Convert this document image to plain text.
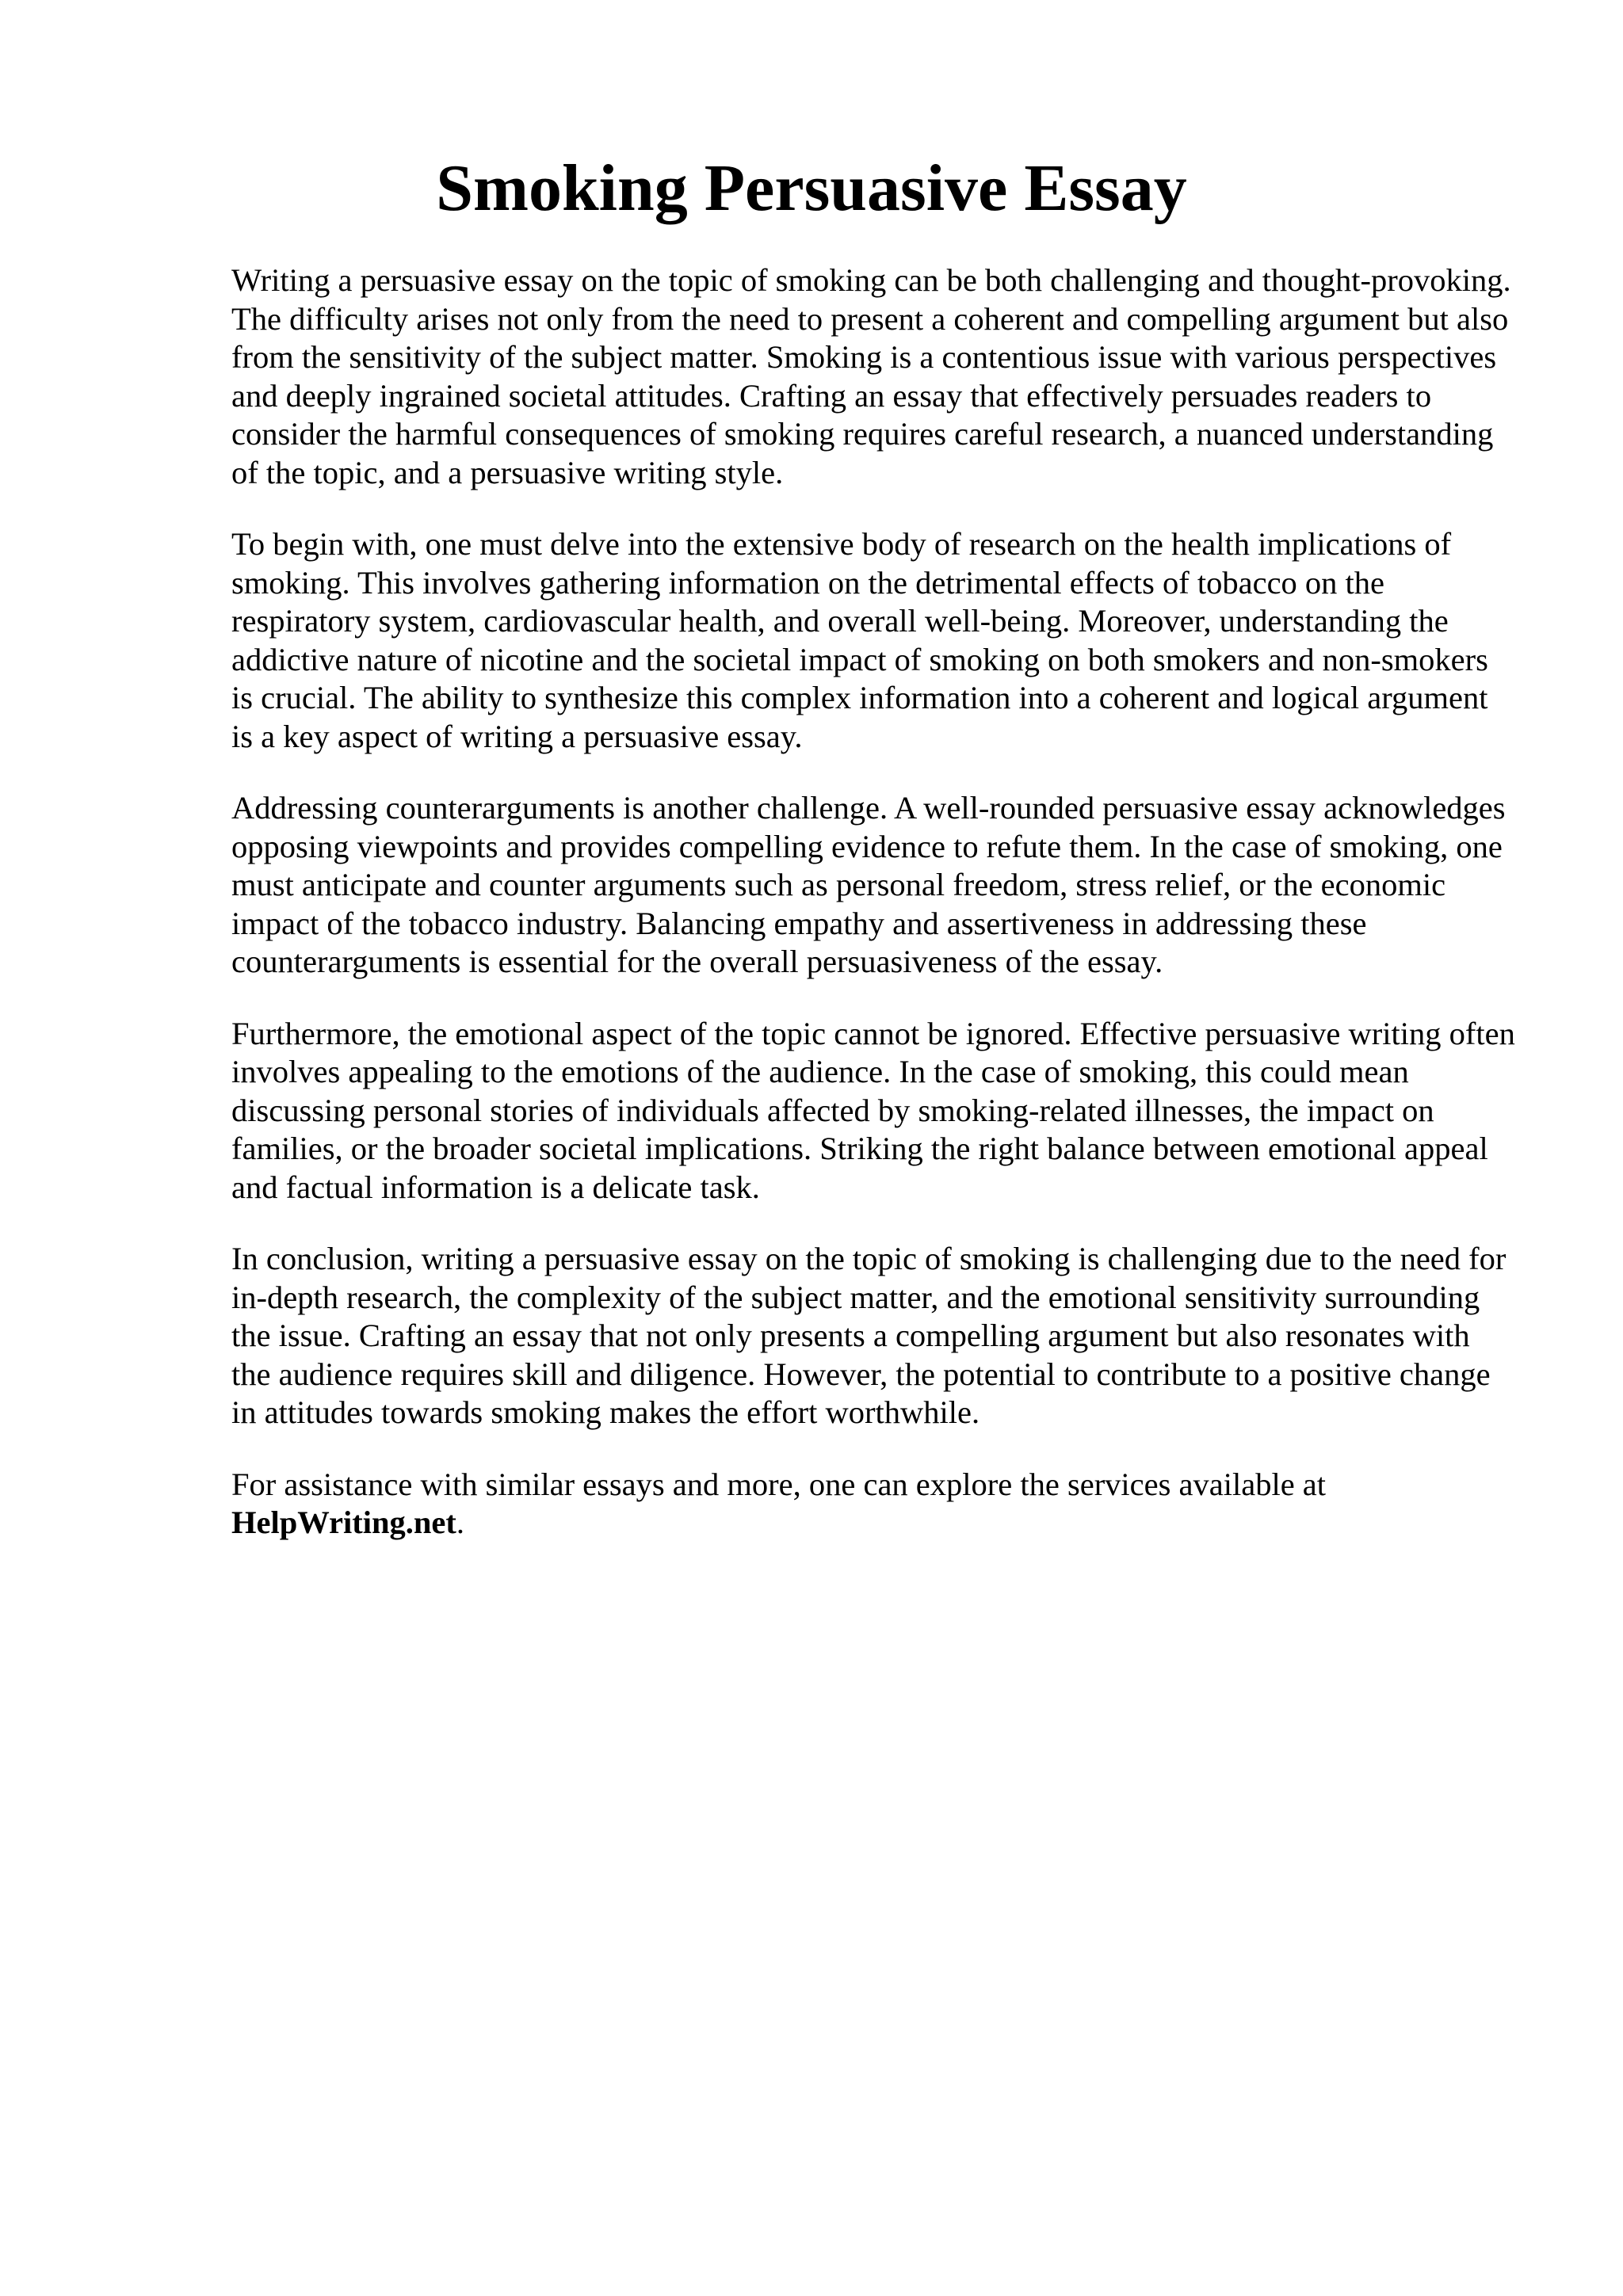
Smoking Persuasive Essay

Writing a persuasive essay on the topic of smoking can be both challenging and thought-provoking. The difficulty arises not only from the need to present a coherent and compelling argument but also from the sensitivity of the subject matter. Smoking is a contentious issue with various perspectives and deeply ingrained societal attitudes. Crafting an essay that effectively persuades readers to consider the harmful consequences of smoking requires careful research, a nuanced understanding of the topic, and a persuasive writing style.

To begin with, one must delve into the extensive body of research on the health implications of smoking. This involves gathering information on the detrimental effects of tobacco on the respiratory system, cardiovascular health, and overall well-being. Moreover, understanding the addictive nature of nicotine and the societal impact of smoking on both smokers and non-smokers is crucial. The ability to synthesize this complex information into a coherent and logical argument is a key aspect of writing a persuasive essay.

Addressing counterarguments is another challenge. A well-rounded persuasive essay acknowledges opposing viewpoints and provides compelling evidence to refute them. In the case of smoking, one must anticipate and counter arguments such as personal freedom, stress relief, or the economic impact of the tobacco industry. Balancing empathy and assertiveness in addressing these counterarguments is essential for the overall persuasiveness of the essay.

Furthermore, the emotional aspect of the topic cannot be ignored. Effective persuasive writing often involves appealing to the emotions of the audience. In the case of smoking, this could mean discussing personal stories of individuals affected by smoking-related illnesses, the impact on families, or the broader societal implications. Striking the right balance between emotional appeal and factual information is a delicate task.

In conclusion, writing a persuasive essay on the topic of smoking is challenging due to the need for in-depth research, the complexity of the subject matter, and the emotional sensitivity surrounding the issue. Crafting an essay that not only presents a compelling argument but also resonates with the audience requires skill and diligence. However, the potential to contribute to a positive change in attitudes towards smoking makes the effort worthwhile.

For assistance with similar essays and more, one can explore the services available at
HelpWriting.net.
